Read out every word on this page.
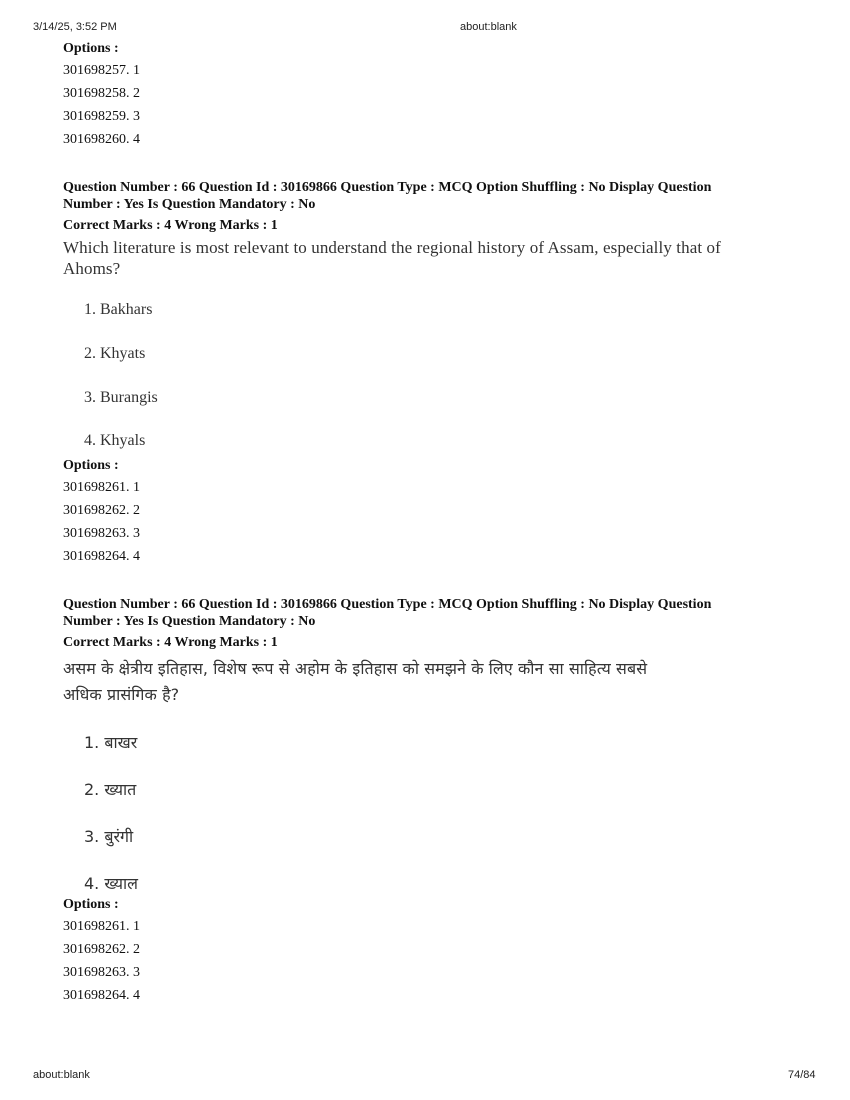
3/14/25, 3:52 PM	about:blank
about:blank	74/84
Options :
301698257. 1
301698258. 2
301698259. 3
301698260. 4
Question Number : 66 Question Id : 30169866 Question Type : MCQ Option Shuffling : No Display Question
Number : Yes Is Question Mandatory : No
Correct Marks : 4 Wrong Marks : 1
Which literature is most relevant to understand the regional history of Assam, especially that of
Ahoms?
1. Bakhars
2. Khyats
3. Burangis
4. Khyals
Options :
301698261. 1
301698262. 2
301698263. 3
301698264. 4
Question Number : 66 Question Id : 30169866 Question Type : MCQ Option Shuffling : No Display Question
Number : Yes Is Question Mandatory : No
Correct Marks : 4 Wrong Marks : 1
असम के क्षेत्रीय इतिहास, विशेष रूप से अहोम के इतिहास को समझने के लिए कौन सा साहित्य सबसे
अधिक प्रासंगिक है?
1. बाखर
2. ख्यात
3. बुरंगी
4. ख्याल
Options :
301698261. 1
301698262. 2
301698263. 3
301698264. 4
